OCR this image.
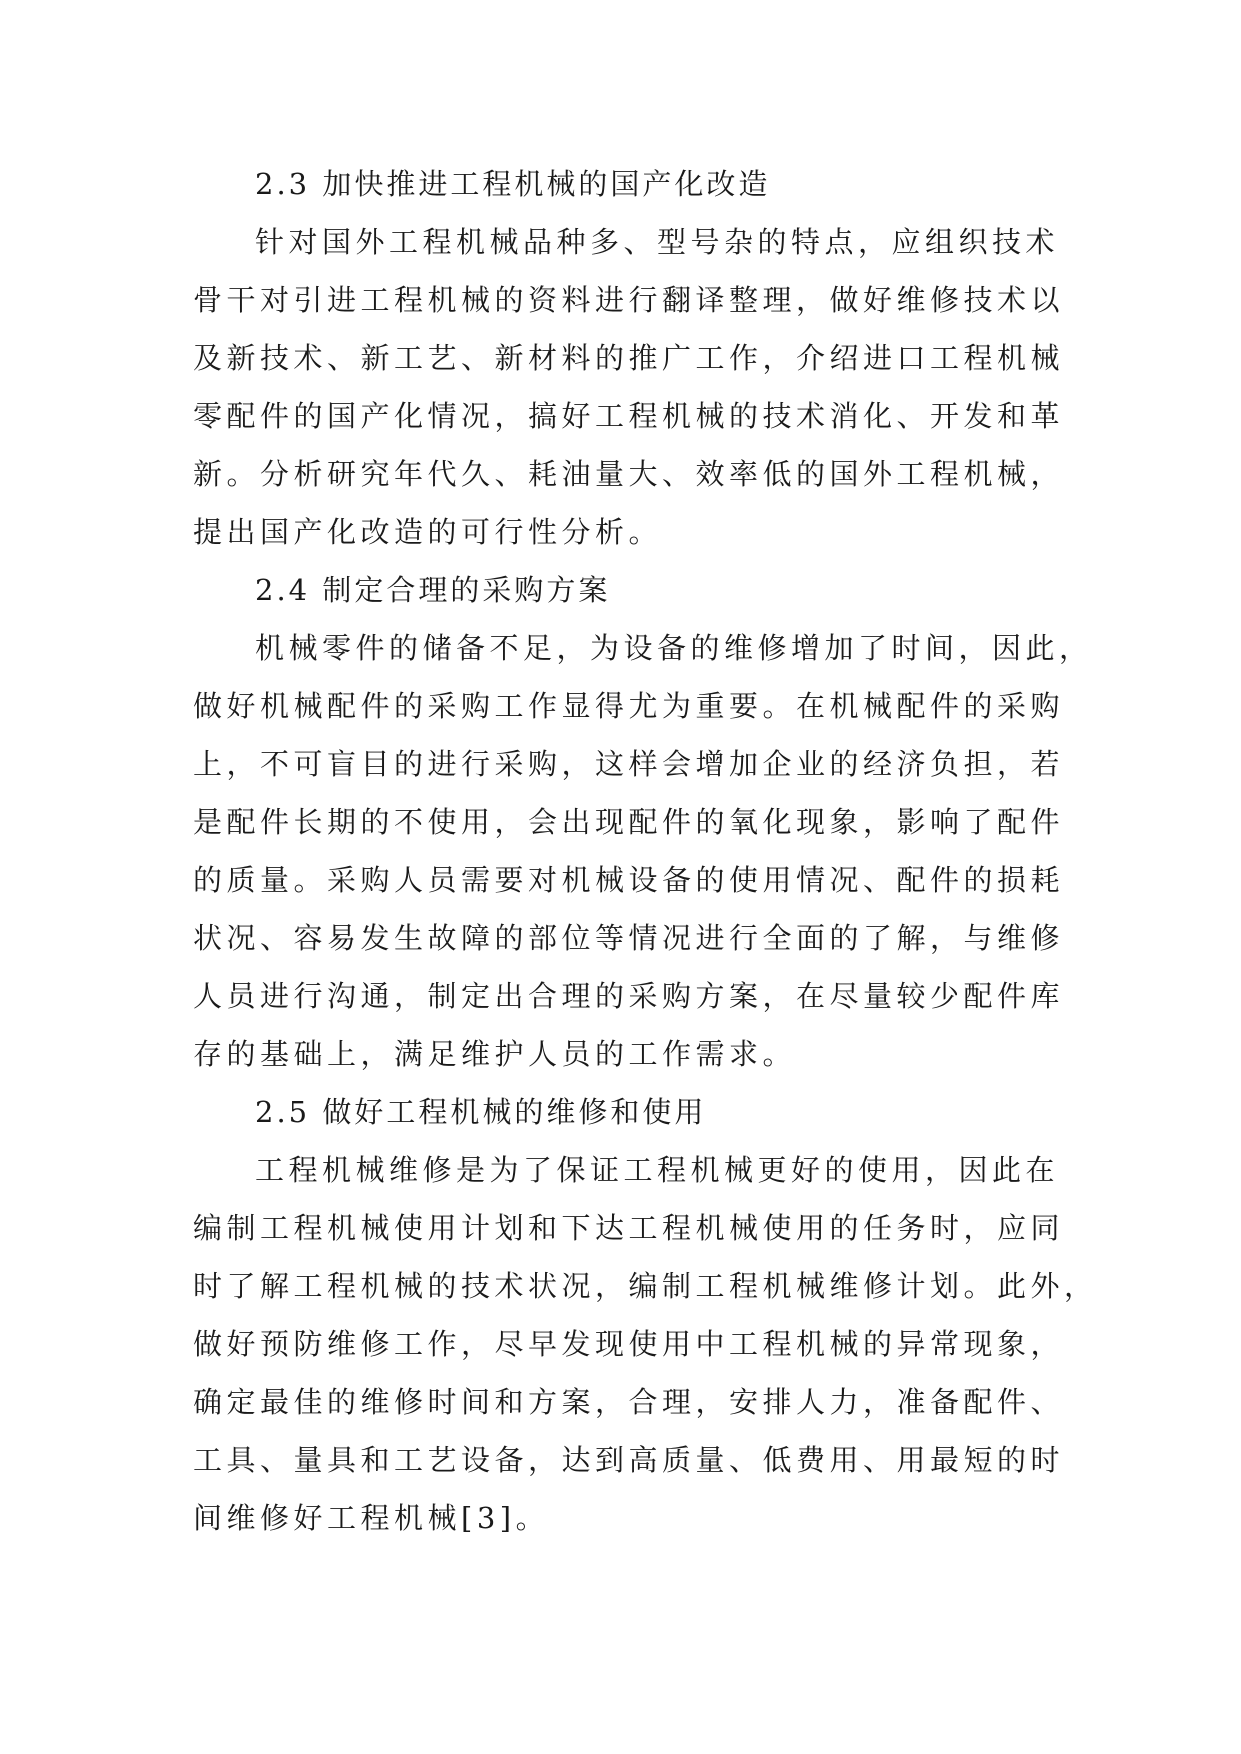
2.3 加快推进工程机械的国产化改造
针对国外工程机械品种多、型号杂的特点，应组织技术
骨干对引进工程机械的资料进行翻译整理，做好维修技术以
及新技术、新工艺、新材料的推广工作，介绍进口工程机械
零配件的国产化情况，搞好工程机械的技术消化、开发和革
新。分析研究年代久、耗油量大、效率低的国外工程机械，
提出国产化改造的可行性分析。
2.4 制定合理的采购方案
机械零件的储备不足，为设备的维修增加了时间，因此，
做好机械配件的采购工作显得尤为重要。在机械配件的采购
上，不可盲目的进行采购，这样会增加企业的经济负担，若
是配件长期的不使用，会出现配件的氧化现象，影响了配件
的质量。采购人员需要对机械设备的使用情况、配件的损耗
状况、容易发生故障的部位等情况进行全面的了解，与维修
人员进行沟通，制定出合理的采购方案，在尽量较少配件库
存的基础上，满足维护人员的工作需求。
2.5 做好工程机械的维修和使用
工程机械维修是为了保证工程机械更好的使用，因此在
编制工程机械使用计划和下达工程机械使用的任务时，应同
时了解工程机械的技术状况，编制工程机械维修计划。此外，
做好预防维修工作，尽早发现使用中工程机械的异常现象，
确定最佳的维修时间和方案，合理，安排人力，准备配件、
工具、量具和工艺设备，达到高质量、低费用、用最短的时
间维修好工程机械[3]。
